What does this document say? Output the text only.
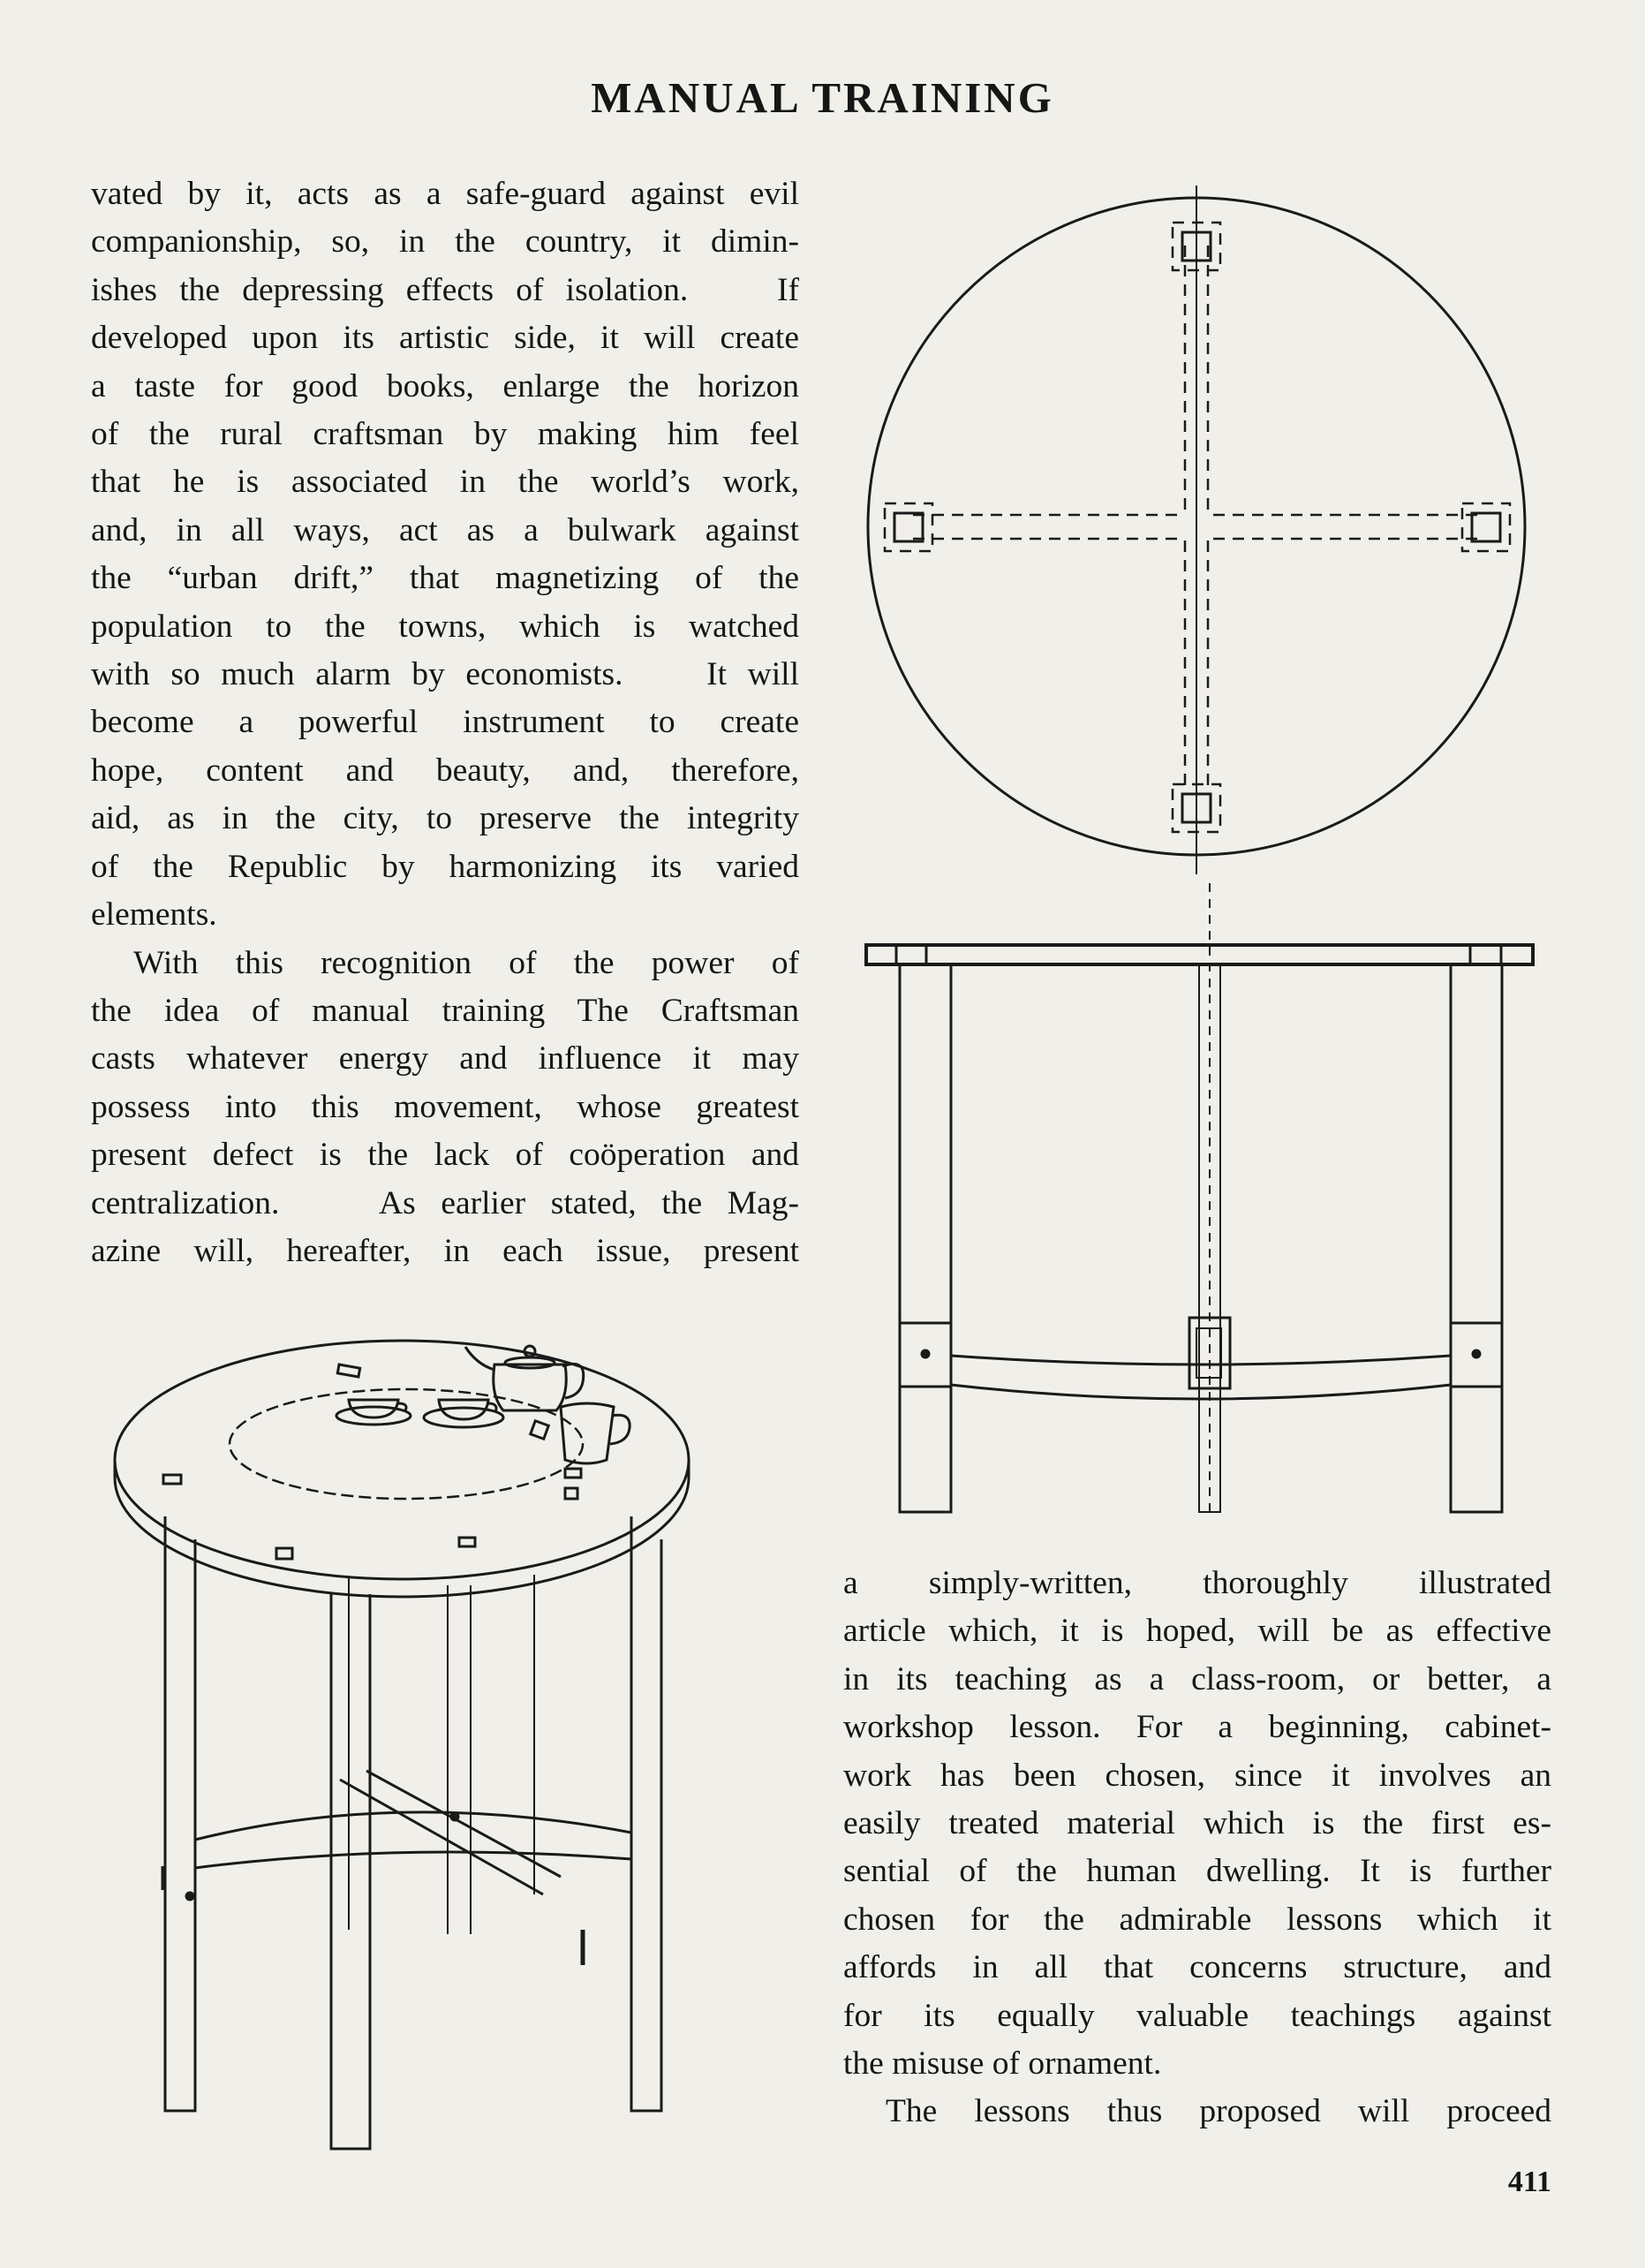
MANUAL TRAINING

vated by it, acts as a safe-guard against evil

companionship, so, in the country, it dimin-

ishes the depressing effects of isolation.    If

developed upon its artistic side, it will create

a taste for good books, enlarge the horizon

of the rural craftsman by making him feel

that he is associated in the world’s work,

and, in all ways, act as a bulwark against

the “urban drift,” that magnetizing of the

population to the towns, which is watched

with so much alarm by economists.    It will

become a powerful instrument to create

hope, content and beauty, and, therefore,

aid, as in the city, to preserve the integrity

of the Republic by harmonizing its varied

elements.

With this recognition of the power of

the idea of manual training The Craftsman

casts whatever energy and influence it may

possess into this movement, whose greatest

present defect is the lack of coöperation and

centralization.    As earlier stated, the Mag-

azine will, hereafter, in each issue, present

a simply-written, thoroughly illustrated

article which, it is hoped, will be as effective

in its teaching as a class-room, or better, a

workshop lesson. For a beginning, cabinet-

work has been chosen, since it involves an

easily treated material which is the first es-

sential of the human dwelling. It is further

chosen for the admirable lessons which it

affords in all that concerns structure, and

for its equally valuable teachings against

the misuse of ornament.

The lessons thus proposed will proceed

411
